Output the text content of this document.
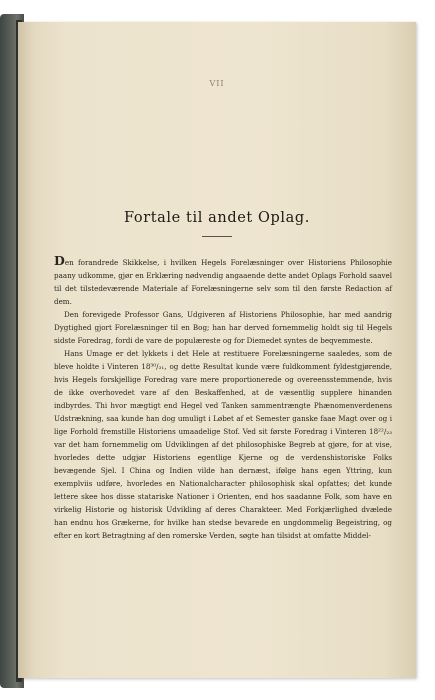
VII
Fortale til andet Oplag.

Den forandrede Skikkelse, i hvilken Hegels Forelæsninger over Historiens Philosophie paany udkomme, gjør en Erklæring nødvendig angaaende dette andet Oplags Forhold saavel til det tilstedeværende Materiale af Forelæsningerne selv som til den første Redaction af dem.

Den forevigede Professor Gans, Udgiveren af Historiens Philosophie, har med aandrig Dygtighed gjort Forelæsninger til en Bog; han har derved fornemmelig holdt sig til Hegels sidste Foredrag, fordi de vare de populæreste og for Diemedet syntes de beqvemmeste.

Hans Umage er det lykkets i det Hele at restituere Forelæsningerne saaledes, som de bleve holdte i Vinteren 18³⁰/₃₁, og dette Resultat kunde være fuldkomment fyldestgjørende, hvis Hegels forskjellige Foredrag vare mere proportionerede og overeensstemmende, hvis de ikke overhovedet vare af den Beskaffenhed, at de væsentlig supplere hinanden indbyrdes. Thi hvor mægtigt end Hegel ved Tanken sammentrængte Phænomenverdenens Udstrækning, saa kunde han dog umuligt i Løbet af et Semester ganske faae Magt over og i lige Forhold fremstille Historiens umaadelige Stof. Ved sit første Foredrag i Vinteren 18²²/₂₃ var det ham fornemmelig om Udviklingen af det philosophiske Begreb at gjøre, for at vise, hvorledes dette udgjør Historiens egentlige Kjerne og de verdenshistoriske Folks bevægende Sjel. I China og Indien vilde han dernæst, ifølge hans egen Yttring, kun exemplviis udføre, hvorledes en Nationalcharacter philosophisk skal opfattes; det kunde lettere skee hos disse statariske Nationer i Orienten, end hos saadanne Folk, som have en virkelig Historie og historisk Udvikling af deres Charakteer. Med Forkjærlighed dvælede han endnu hos Grækerne, for hvilke han stedse bevarede en ungdommelig Begeistring, og efter en kort Betragtning af den romerske Verden, søgte han tilsidst at omfatte Middel-
